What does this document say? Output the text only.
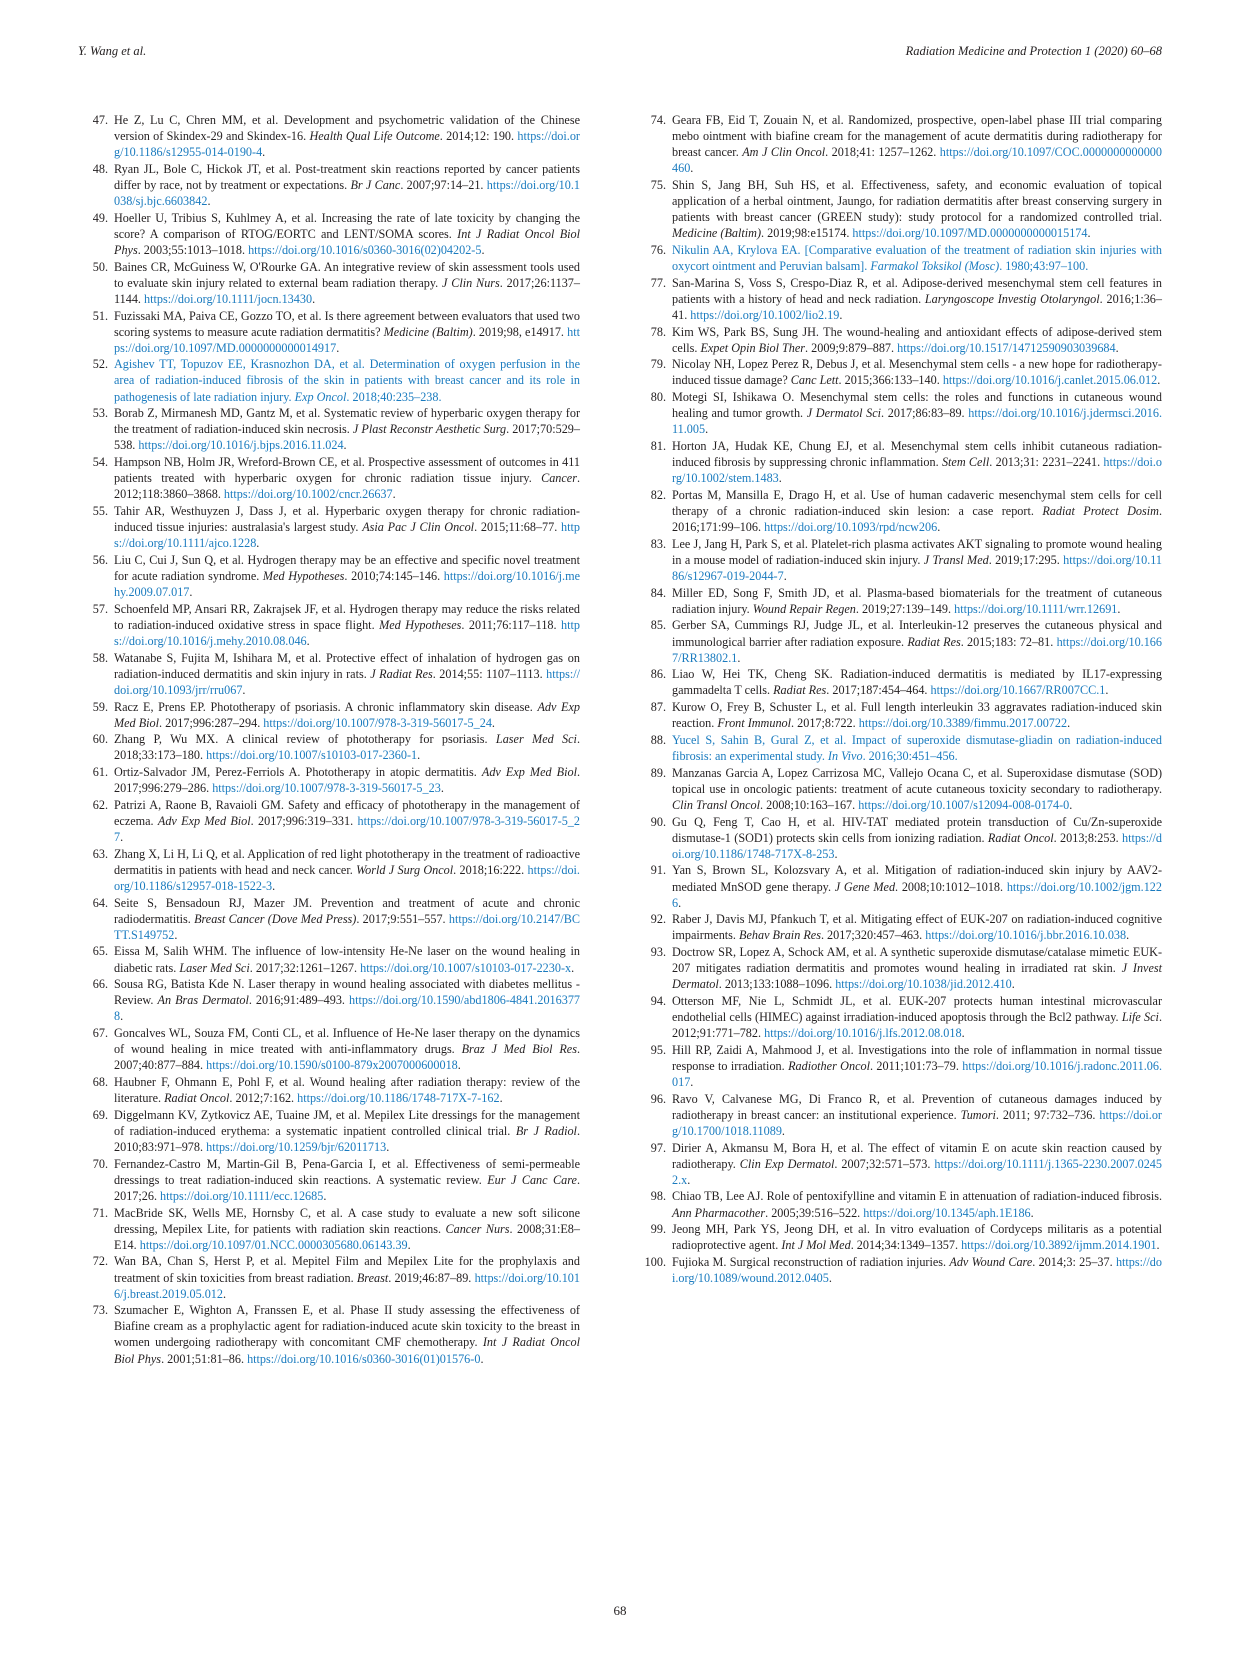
Y. Wang et al.	Radiation Medicine and Protection 1 (2020) 60–68
47. He Z, Lu C, Chren MM, et al. Development and psychometric validation of the Chinese version of Skindex-29 and Skindex-16. Health Qual Life Outcome. 2014;12: 190. https://doi.org/10.1186/s12955-014-0190-4.
48. Ryan JL, Bole C, Hickok JT, et al. Post-treatment skin reactions reported by cancer patients differ by race, not by treatment or expectations. Br J Canc. 2007;97:14–21. https://doi.org/10.1038/sj.bjc.6603842.
49. Hoeller U, Tribius S, Kuhlmey A, et al. Increasing the rate of late toxicity by changing the score? A comparison of RTOG/EORTC and LENT/SOMA scores. Int J Radiat Oncol Biol Phys. 2003;55:1013–1018. https://doi.org/10.1016/s0360-3016(02)04202-5.
50. Baines CR, McGuiness W, O'Rourke GA. An integrative review of skin assessment tools used to evaluate skin injury related to external beam radiation therapy. J Clin Nurs. 2017;26:1137–1144. https://doi.org/10.1111/jocn.13430.
51. Fuzissaki MA, Paiva CE, Gozzo TO, et al. Is there agreement between evaluators that used two scoring systems to measure acute radiation dermatitis? Medicine (Baltim). 2019;98, e14917. https://doi.org/10.1097/MD.0000000000014917.
52. Agishev TT, Topuzov EE, Krasnozhon DA, et al. Determination of oxygen perfusion in the area of radiation-induced fibrosis of the skin in patients with breast cancer and its role in pathogenesis of late radiation injury. Exp Oncol. 2018;40:235–238.
53. Borab Z, Mirmanesh MD, Gantz M, et al. Systematic review of hyperbaric oxygen therapy for the treatment of radiation-induced skin necrosis. J Plast Reconstr Aesthetic Surg. 2017;70:529–538. https://doi.org/10.1016/j.bjps.2016.11.024.
54. Hampson NB, Holm JR, Wreford-Brown CE, et al. Prospective assessment of outcomes in 411 patients treated with hyperbaric oxygen for chronic radiation tissue injury. Cancer. 2012;118:3860–3868. https://doi.org/10.1002/cncr.26637.
55. Tahir AR, Westhuyzen J, Dass J, et al. Hyperbaric oxygen therapy for chronic radiation-induced tissue injuries: australasia's largest study. Asia Pac J Clin Oncol. 2015;11:68–77. https://doi.org/10.1111/ajco.1228.
56. Liu C, Cui J, Sun Q, et al. Hydrogen therapy may be an effective and specific novel treatment for acute radiation syndrome. Med Hypotheses. 2010;74:145–146. https://doi.org/10.1016/j.mehy.2009.07.017.
57. Schoenfeld MP, Ansari RR, Zakrajsek JF, et al. Hydrogen therapy may reduce the risks related to radiation-induced oxidative stress in space flight. Med Hypotheses. 2011;76:117–118. https://doi.org/10.1016/j.mehy.2010.08.046.
58. Watanabe S, Fujita M, Ishihara M, et al. Protective effect of inhalation of hydrogen gas on radiation-induced dermatitis and skin injury in rats. J Radiat Res. 2014;55: 1107–1113. https://doi.org/10.1093/jrr/rru067.
59. Racz E, Prens EP. Phototherapy of psoriasis. A chronic inflammatory skin disease. Adv Exp Med Biol. 2017;996:287–294. https://doi.org/10.1007/978-3-319-56017-5_24.
60. Zhang P, Wu MX. A clinical review of phototherapy for psoriasis. Laser Med Sci. 2018;33:173–180. https://doi.org/10.1007/s10103-017-2360-1.
61. Ortiz-Salvador JM, Perez-Ferriols A. Phototherapy in atopic dermatitis. Adv Exp Med Biol. 2017;996:279–286. https://doi.org/10.1007/978-3-319-56017-5_23.
62. Patrizi A, Raone B, Ravaioli GM. Safety and efficacy of phototherapy in the management of eczema. Adv Exp Med Biol. 2017;996:319–331. https://doi.org/10.1007/978-3-319-56017-5_27.
63. Zhang X, Li H, Li Q, et al. Application of red light phototherapy in the treatment of radioactive dermatitis in patients with head and neck cancer. World J Surg Oncol. 2018;16:222. https://doi.org/10.1186/s12957-018-1522-3.
64. Seite S, Bensadoun RJ, Mazer JM. Prevention and treatment of acute and chronic radiodermatitis. Breast Cancer (Dove Med Press). 2017;9:551–557. https://doi.org/10.2147/BCTT.S149752.
65. Eissa M, Salih WHM. The influence of low-intensity He-Ne laser on the wound healing in diabetic rats. Laser Med Sci. 2017;32:1261–1267. https://doi.org/10.1007/s10103-017-2230-x.
66. Sousa RG, Batista Kde N. Laser therapy in wound healing associated with diabetes mellitus - Review. An Bras Dermatol. 2016;91:489–493. https://doi.org/10.1590/abd1806-4841.20163778.
67. Goncalves WL, Souza FM, Conti CL, et al. Influence of He-Ne laser therapy on the dynamics of wound healing in mice treated with anti-inflammatory drugs. Braz J Med Biol Res. 2007;40:877–884. https://doi.org/10.1590/s0100-879x2007000600018.
68. Haubner F, Ohmann E, Pohl F, et al. Wound healing after radiation therapy: review of the literature. Radiat Oncol. 2012;7:162. https://doi.org/10.1186/1748-717X-7-162.
69. Diggelmann KV, Zytkovicz AE, Tuaine JM, et al. Mepilex Lite dressings for the management of radiation-induced erythema: a systematic inpatient controlled clinical trial. Br J Radiol. 2010;83:971–978. https://doi.org/10.1259/bjr/62011713.
70. Fernandez-Castro M, Martin-Gil B, Pena-Garcia I, et al. Effectiveness of semi-permeable dressings to treat radiation-induced skin reactions. A systematic review. Eur J Canc Care. 2017;26. https://doi.org/10.1111/ecc.12685.
71. MacBride SK, Wells ME, Hornsby C, et al. A case study to evaluate a new soft silicone dressing, Mepilex Lite, for patients with radiation skin reactions. Cancer Nurs. 2008;31:E8–E14. https://doi.org/10.1097/01.NCC.0000305680.06143.39.
72. Wan BA, Chan S, Herst P, et al. Mepitel Film and Mepilex Lite for the prophylaxis and treatment of skin toxicities from breast radiation. Breast. 2019;46:87–89. https://doi.org/10.1016/j.breast.2019.05.012.
73. Szumacher E, Wighton A, Franssen E, et al. Phase II study assessing the effectiveness of Biafine cream as a prophylactic agent for radiation-induced acute skin toxicity to the breast in women undergoing radiotherapy with concomitant CMF chemotherapy. Int J Radiat Oncol Biol Phys. 2001;51:81–86. https://doi.org/10.1016/s0360-3016(01)01576-0.
74. Geara FB, Eid T, Zouain N, et al. Randomized, prospective, open-label phase III trial comparing mebo ointment with biafine cream for the management of acute dermatitis during radiotherapy for breast cancer. Am J Clin Oncol. 2018;41: 1257–1262. https://doi.org/10.1097/COC.0000000000000460.
75. Shin S, Jang BH, Suh HS, et al. Effectiveness, safety, and economic evaluation of topical application of a herbal ointment, Jaungo, for radiation dermatitis after breast conserving surgery in patients with breast cancer (GREEN study): study protocol for a randomized controlled trial. Medicine (Baltim). 2019;98:e15174. https://doi.org/10.1097/MD.0000000000015174.
76. Nikulin AA, Krylova EA. [Comparative evaluation of the treatment of radiation skin injuries with oxycort ointment and Peruvian balsam]. Farmakol Toksikol (Mosc). 1980;43:97–100.
77. San-Marina S, Voss S, Crespo-Diaz R, et al. Adipose-derived mesenchymal stem cell features in patients with a history of head and neck radiation. Laryngoscope Investig Otolaryngol. 2016;1:36–41. https://doi.org/10.1002/lio2.19.
78. Kim WS, Park BS, Sung JH. The wound-healing and antioxidant effects of adipose-derived stem cells. Expet Opin Biol Ther. 2009;9:879–887. https://doi.org/10.1517/14712590903039684.
79. Nicolay NH, Lopez Perez R, Debus J, et al. Mesenchymal stem cells - a new hope for radiotherapy-induced tissue damage? Canc Lett. 2015;366:133–140. https://doi.org/10.1016/j.canlet.2015.06.012.
80. Motegi SI, Ishikawa O. Mesenchymal stem cells: the roles and functions in cutaneous wound healing and tumor growth. J Dermatol Sci. 2017;86:83–89. https://doi.org/10.1016/j.jdermsci.2016.11.005.
81. Horton JA, Hudak KE, Chung EJ, et al. Mesenchymal stem cells inhibit cutaneous radiation-induced fibrosis by suppressing chronic inflammation. Stem Cell. 2013;31: 2231–2241. https://doi.org/10.1002/stem.1483.
82. Portas M, Mansilla E, Drago H, et al. Use of human cadaveric mesenchymal stem cells for cell therapy of a chronic radiation-induced skin lesion: a case report. Radiat Protect Dosim. 2016;171:99–106. https://doi.org/10.1093/rpd/ncw206.
83. Lee J, Jang H, Park S, et al. Platelet-rich plasma activates AKT signaling to promote wound healing in a mouse model of radiation-induced skin injury. J Transl Med. 2019;17:295. https://doi.org/10.1186/s12967-019-2044-7.
84. Miller ED, Song F, Smith JD, et al. Plasma-based biomaterials for the treatment of cutaneous radiation injury. Wound Repair Regen. 2019;27:139–149. https://doi.org/10.1111/wrr.12691.
85. Gerber SA, Cummings RJ, Judge JL, et al. Interleukin-12 preserves the cutaneous physical and immunological barrier after radiation exposure. Radiat Res. 2015;183: 72–81. https://doi.org/10.1667/RR13802.1.
86. Liao W, Hei TK, Cheng SK. Radiation-induced dermatitis is mediated by IL17-expressing gammadelta T cells. Radiat Res. 2017;187:454–464. https://doi.org/10.1667/RR007CC.1.
87. Kurow O, Frey B, Schuster L, et al. Full length interleukin 33 aggravates radiation-induced skin reaction. Front Immunol. 2017;8:722. https://doi.org/10.3389/fimmu.2017.00722.
88. Yucel S, Sahin B, Gural Z, et al. Impact of superoxide dismutase-gliadin on radiation-induced fibrosis: an experimental study. In Vivo. 2016;30:451–456.
89. Manzanas Garcia A, Lopez Carrizosa MC, Vallejo Ocana C, et al. Superoxidase dismutase (SOD) topical use in oncologic patients: treatment of acute cutaneous toxicity secondary to radiotherapy. Clin Transl Oncol. 2008;10:163–167. https://doi.org/10.1007/s12094-008-0174-0.
90. Gu Q, Feng T, Cao H, et al. HIV-TAT mediated protein transduction of Cu/Zn-superoxide dismutase-1 (SOD1) protects skin cells from ionizing radiation. Radiat Oncol. 2013;8:253. https://doi.org/10.1186/1748-717X-8-253.
91. Yan S, Brown SL, Kolozsvary A, et al. Mitigation of radiation-induced skin injury by AAV2-mediated MnSOD gene therapy. J Gene Med. 2008;10:1012–1018. https://doi.org/10.1002/jgm.1226.
92. Raber J, Davis MJ, Pfankuch T, et al. Mitigating effect of EUK-207 on radiation-induced cognitive impairments. Behav Brain Res. 2017;320:457–463. https://doi.org/10.1016/j.bbr.2016.10.038.
93. Doctrow SR, Lopez A, Schock AM, et al. A synthetic superoxide dismutase/catalase mimetic EUK-207 mitigates radiation dermatitis and promotes wound healing in irradiated rat skin. J Invest Dermatol. 2013;133:1088–1096. https://doi.org/10.1038/jid.2012.410.
94. Otterson MF, Nie L, Schmidt JL, et al. EUK-207 protects human intestinal microvascular endothelial cells (HIMEC) against irradiation-induced apoptosis through the Bcl2 pathway. Life Sci. 2012;91:771–782. https://doi.org/10.1016/j.lfs.2012.08.018.
95. Hill RP, Zaidi A, Mahmood J, et al. Investigations into the role of inflammation in normal tissue response to irradiation. Radiother Oncol. 2011;101:73–79. https://doi.org/10.1016/j.radonc.2011.06.017.
96. Ravo V, Calvanese MG, Di Franco R, et al. Prevention of cutaneous damages induced by radiotherapy in breast cancer: an institutional experience. Tumori. 2011; 97:732–736. https://doi.org/10.1700/1018.11089.
97. Dirier A, Akmansu M, Bora H, et al. The effect of vitamin E on acute skin reaction caused by radiotherapy. Clin Exp Dermatol. 2007;32:571–573. https://doi.org/10.1111/j.1365-2230.2007.02452.x.
98. Chiao TB, Lee AJ. Role of pentoxifylline and vitamin E in attenuation of radiation-induced fibrosis. Ann Pharmacother. 2005;39:516–522. https://doi.org/10.1345/aph.1E186.
99. Jeong MH, Park YS, Jeong DH, et al. In vitro evaluation of Cordyceps militaris as a potential radioprotective agent. Int J Mol Med. 2014;34:1349–1357. https://doi.org/10.3892/ijmm.2014.1901.
100. Fujioka M. Surgical reconstruction of radiation injuries. Adv Wound Care. 2014;3: 25–37. https://doi.org/10.1089/wound.2012.0405.
68
